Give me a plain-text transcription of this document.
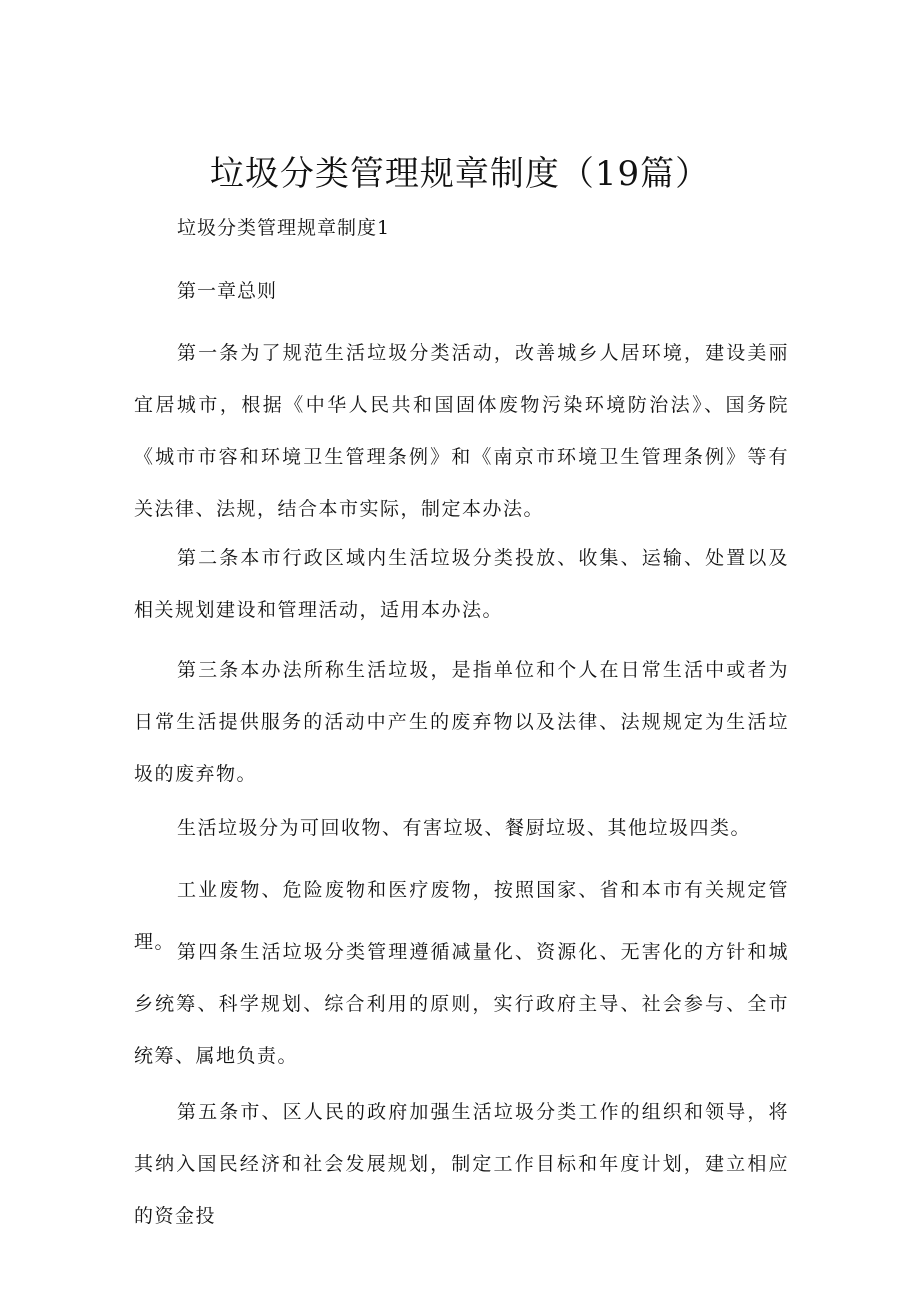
垃圾分类管理规章制度（19篇）

垃圾分类管理规章制度1

第一章总则

第一条为了规范生活垃圾分类活动，改善城乡人居环境，建设美丽宜居城市，根据《中华人民共和国固体废物污染环境防治法》、国务院《城市市容和环境卫生管理条例》和《南京市环境卫生管理条例》等有关法律、法规，结合本市实际，制定本办法。

第二条本市行政区域内生活垃圾分类投放、收集、运输、处置以及相关规划建设和管理活动，适用本办法。

第三条本办法所称生活垃圾，是指单位和个人在日常生活中或者为日常生活提供服务的活动中产生的废弃物以及法律、法规规定为生活垃圾的废弃物。

生活垃圾分为可回收物、有害垃圾、餐厨垃圾、其他垃圾四类。

工业废物、危险废物和医疗废物，按照国家、省和本市有关规定管理。 第四条生活垃圾分类管理遵循减量化、资源化、无害化的方针和城乡统筹、科学规划、综合利用的原则，实行政府主导、社会参与、全市统筹、属地负责。

第五条市、区人民的政府加强生活垃圾分类工作的组织和领导，将其纳入国民经济和社会发展规划，制定工作目标和年度计划，建立相应的资金投
